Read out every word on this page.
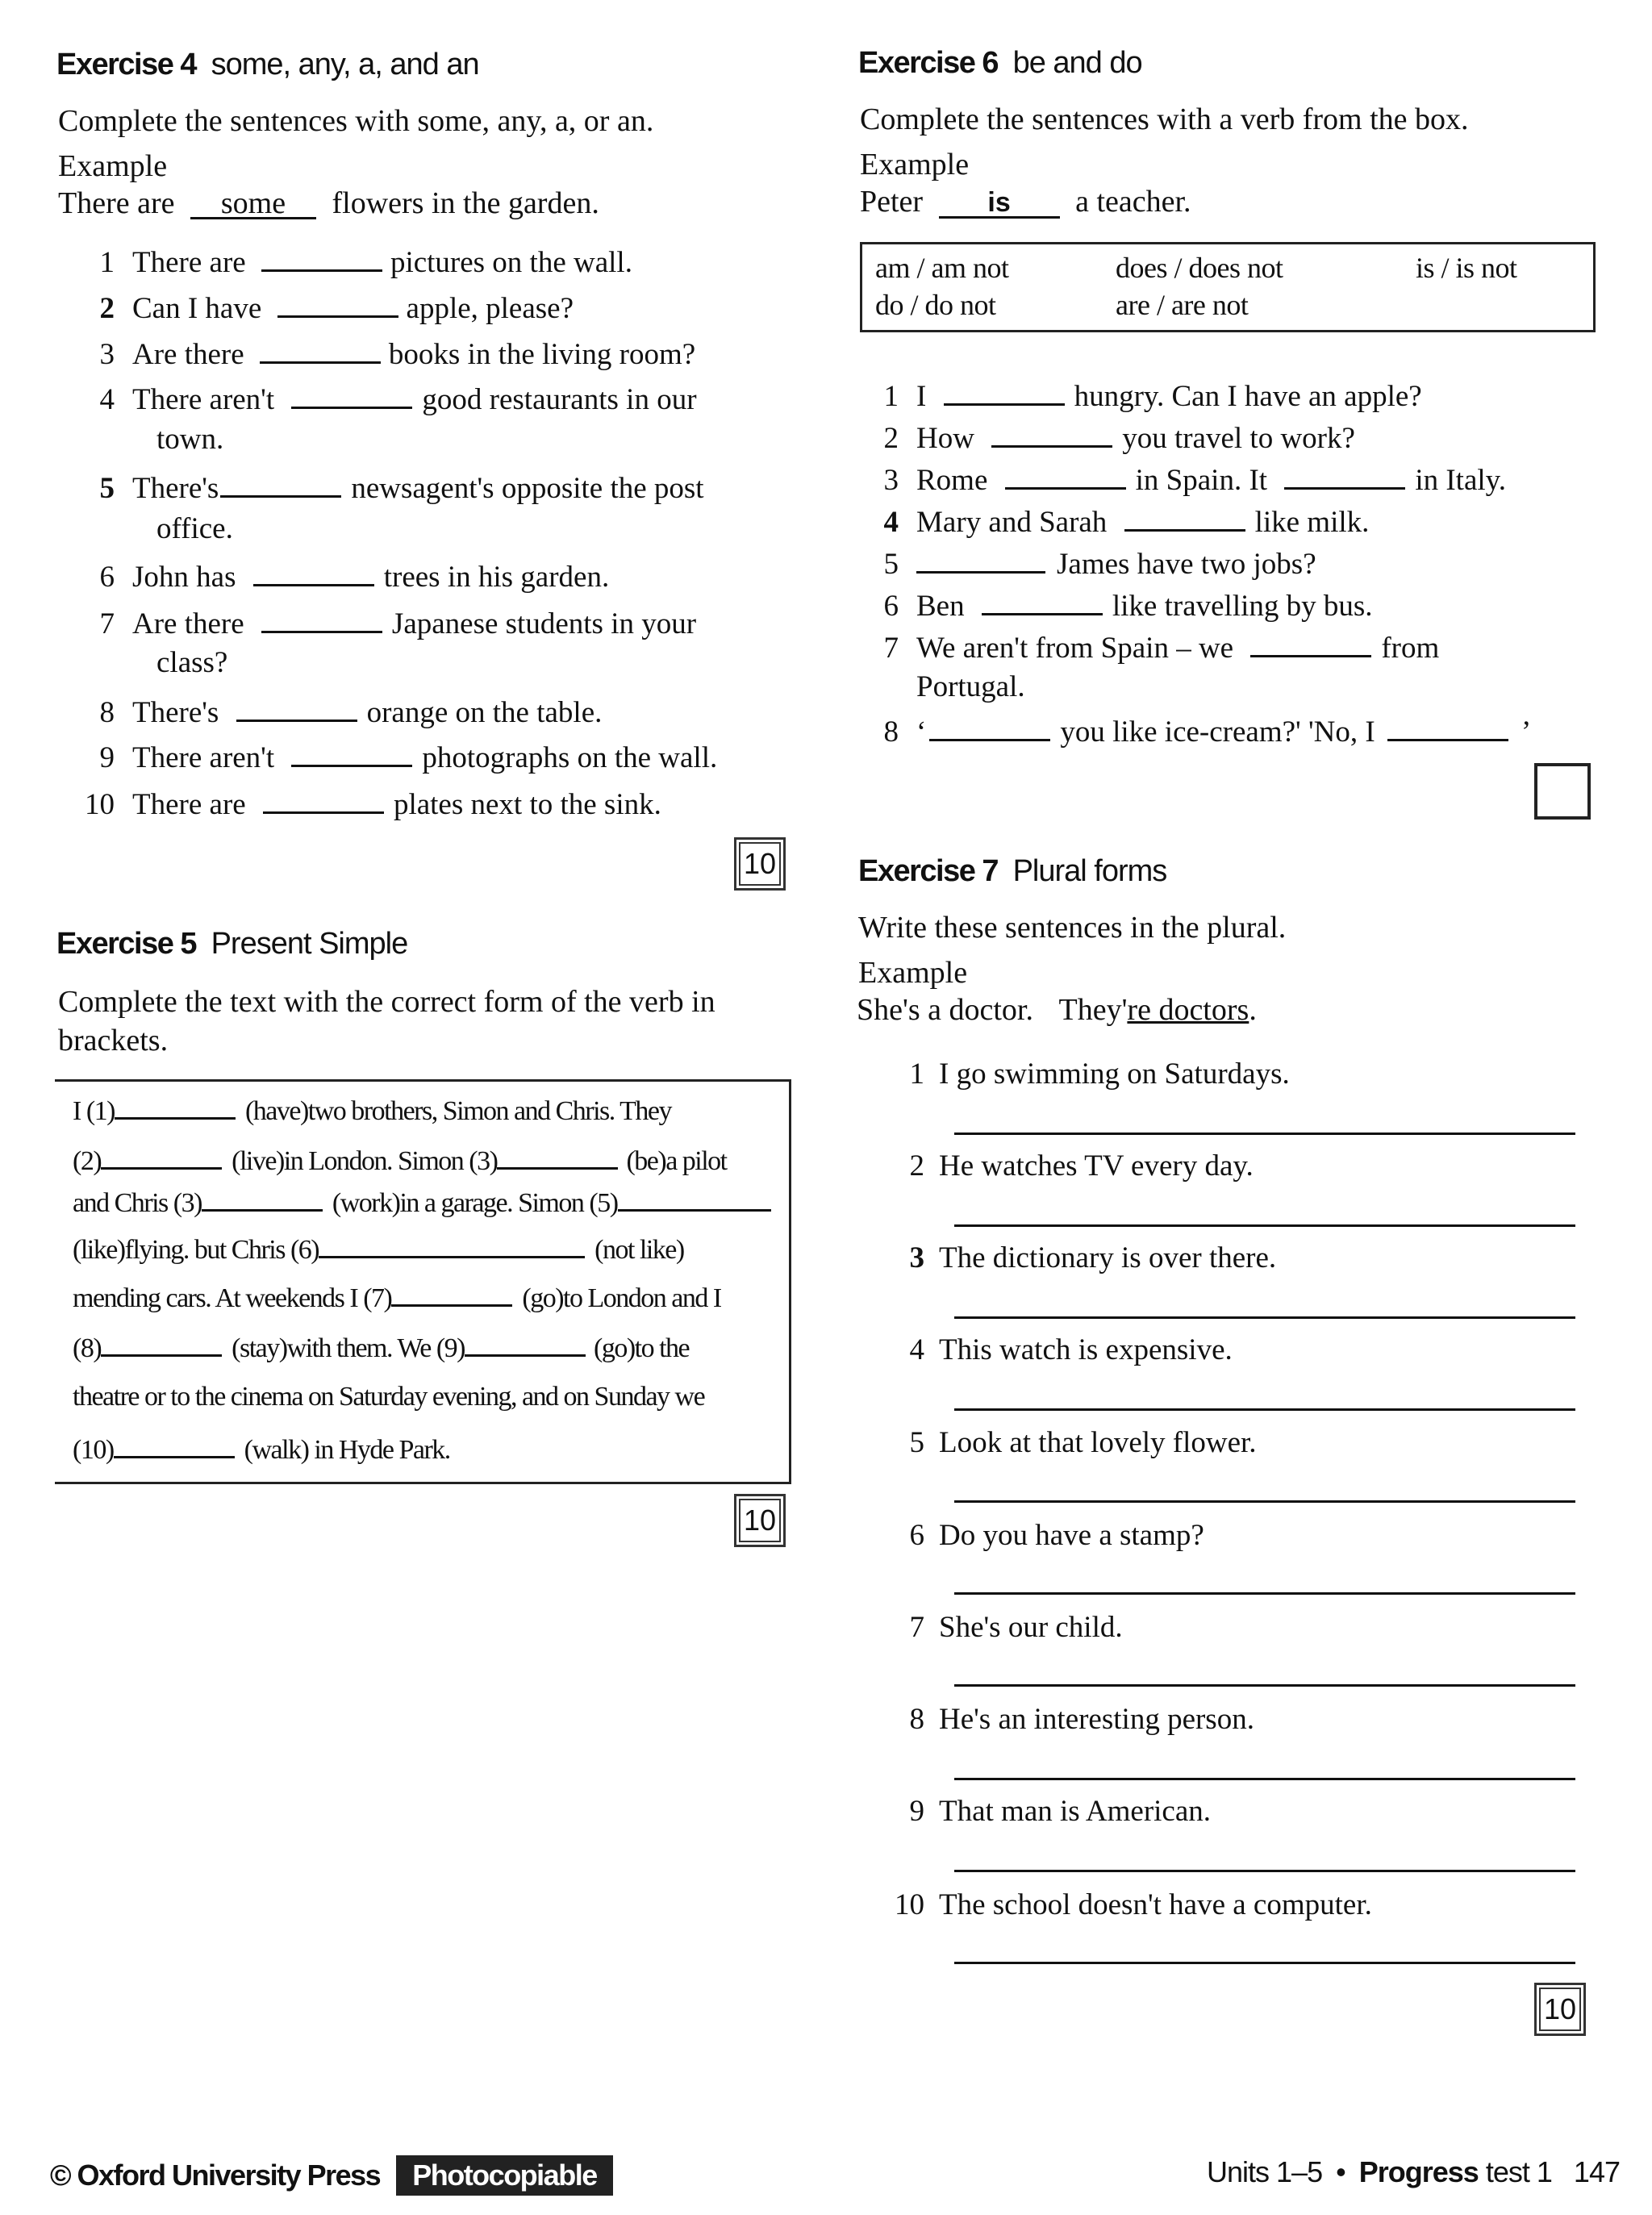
Exercise 4 some, any, a, and an
Complete the sentences with some, any, a, or an.
Example
There are some flowers in the garden.
1 There are	pictures on the wall.
2 Can I have	apple, please?
3 Are there	books in the living room?
4 There aren't	good restaurants in our
town.
5 There's	newsagent's opposite the post
office.
6 John has	trees in his garden.
7 Are there	Japanese students in your
class?
8 There's	orange on the table.
9 There aren't	photographs on the wall.
10 There are	plates next to the sink.
10
Exercise 5 Present Simple
Complete the text with the correct form of the verb in brackets.
I (1)	(have)two brothers, Simon and Chris. They
(2)	(live)in London. Simon (3)	(be)a pilot
and Chris (3)	(work)in a garage. Simon (5)
(like)flying. but Chris (6)	(not like)
mending cars. At weekends I (7)	(go)to London and I
(8)	(stay)with them. We (9)	(go)to the
theatre or to the cinema on Saturday evening, and on Sunday we
(10)	(walk) in Hyde Park.
10
Exercise 6 be and do
Complete the sentences with a verb from the box.
Example
Peter is a teacher.
am / am not	does / does not	is / is not
do / do not	are / are not
1 I	hungry. Can I have an apple?
2 How	you travel to work?
3 Rome	in Spain. It	in Italy.
4 Mary and Sarah	like milk.
5	James have two jobs?
6 Ben	like travelling by bus.
7 We aren't from Spain – we	from
Portugal.
8 ‘	you like ice-cream?' 'No, I	’
Exercise 7 Plural forms
Write these sentences in the plural.
Example
She's a doctor. They're doctors.
1 I go swimming on Saturdays.
2 He watches TV every day.
3 The dictionary is over there.
4 This watch is expensive.
5 Look at that lovely flower.
6 Do you have a stamp?
7 She's our child.
8 He's an interesting person.
9 That man is American.
10 The school doesn't have a computer.
10
© Oxford University Press Photocopiable	Units 1–5 • Progress test 1 147
